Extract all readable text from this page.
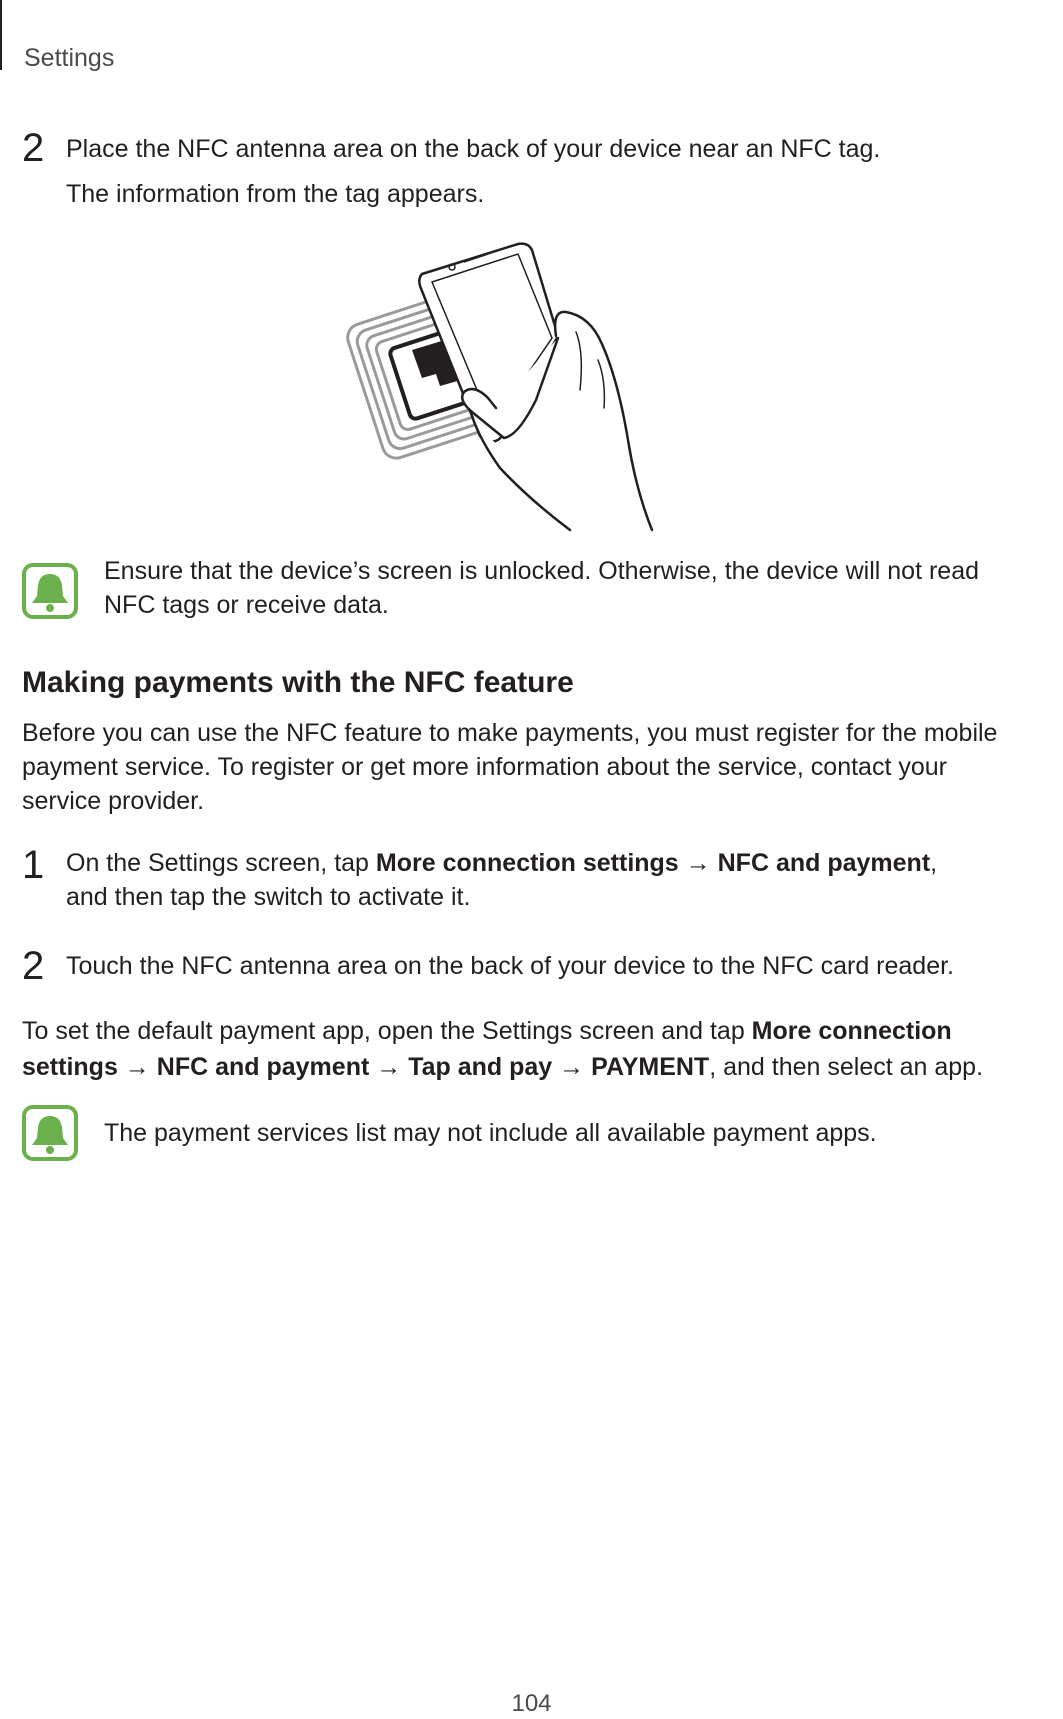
Settings
2 Place the NFC antenna area on the back of your device near an NFC tag.
The information from the tag appears.
Ensure that the device’s screen is unlocked. Otherwise, the device will not read NFC tags or receive data.
Making payments with the NFC feature
Before you can use the NFC feature to make payments, you must register for the mobile payment service. To register or get more information about the service, contact your service provider.
1 On the Settings screen, tap More connection settings → NFC and payment, and then tap the switch to activate it.
2 Touch the NFC antenna area on the back of your device to the NFC card reader.
To set the default payment app, open the Settings screen and tap More connection settings → NFC and payment → Tap and pay → PAYMENT, and then select an app.
The payment services list may not include all available payment apps.
104
